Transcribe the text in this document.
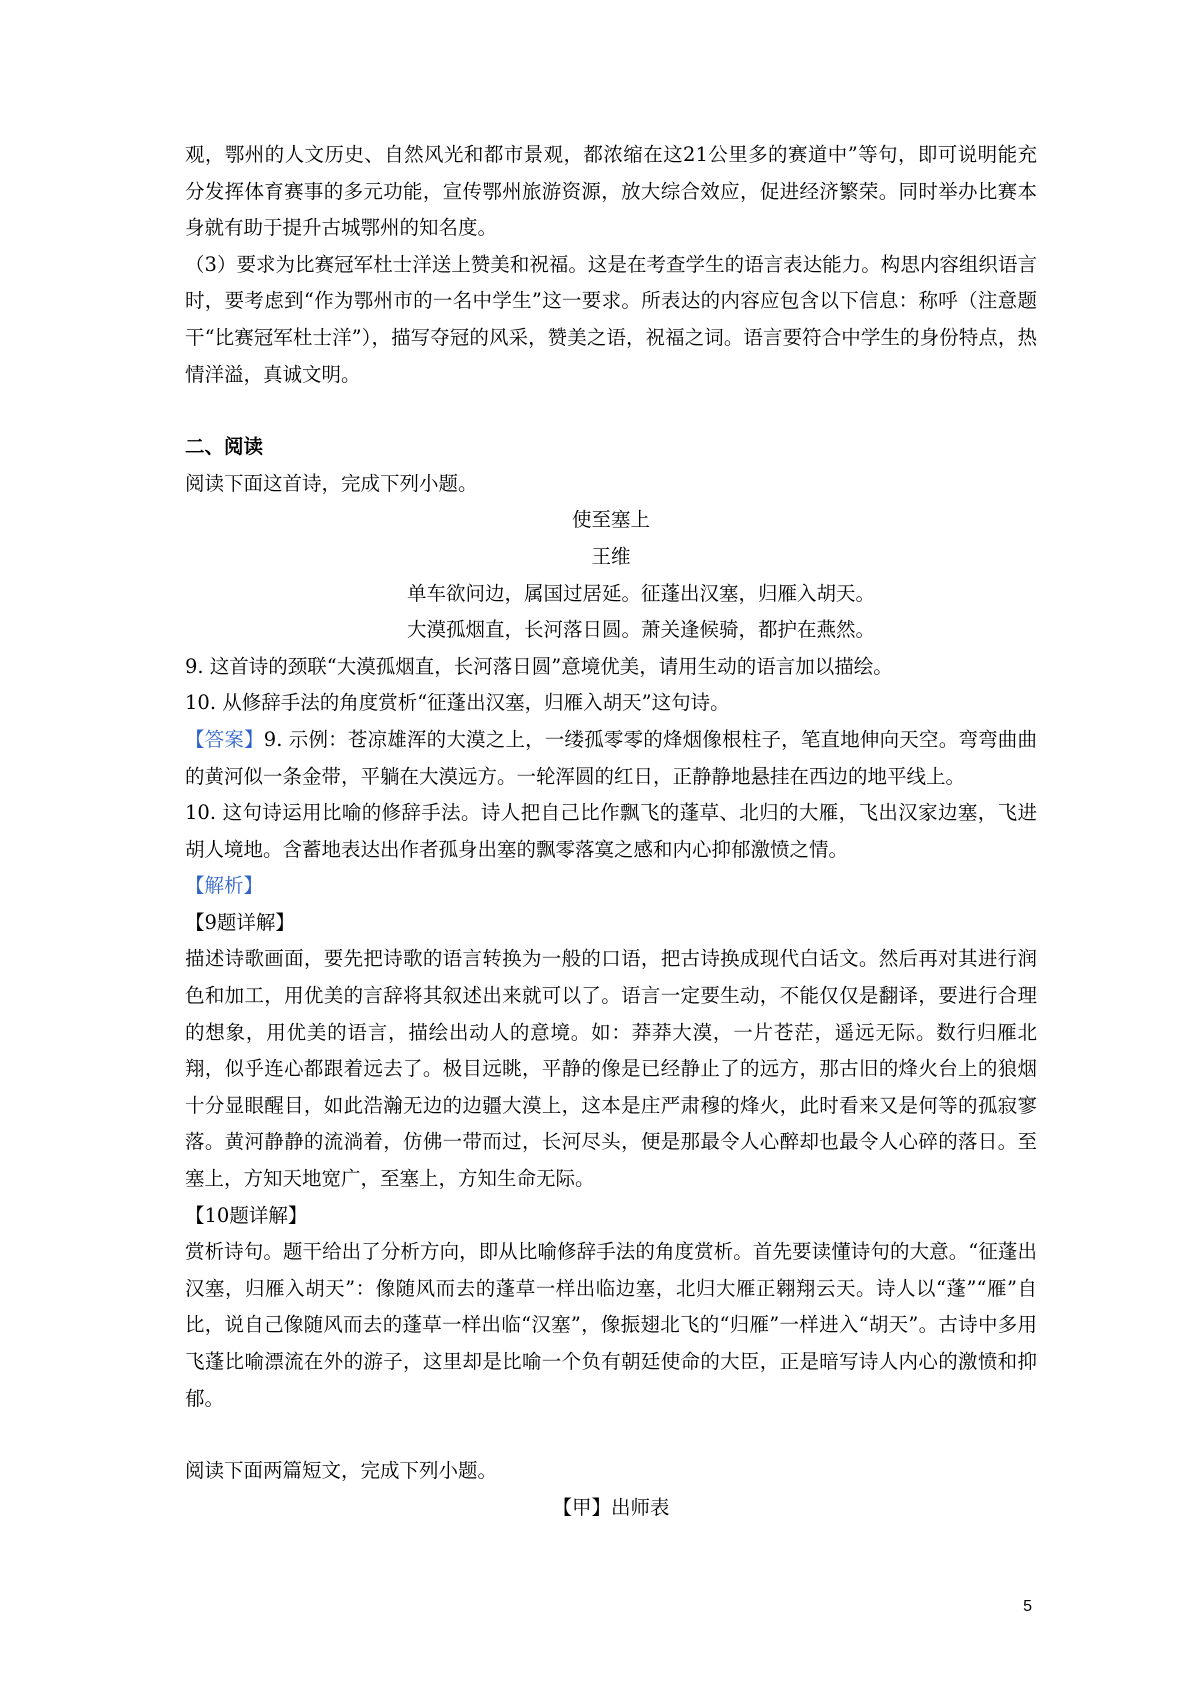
观，鄂州的人文历史、自然风光和都市景观，都浓缩在这21公里多的赛道中”等句，即可说明能充分发挥体育赛事的多元功能，宣传鄂州旅游资源，放大综合效应，促进经济繁荣。同时举办比赛本身就有助于提升古城鄂州的知名度。

（3）要求为比赛冠军杜士洋送上赞美和祝福。这是在考查学生的语言表达能力。构思内容组织语言时，要考虑到“作为鄂州市的一名中学生”这一要求。所表达的内容应包含以下信息：称呼（注意题干“比赛冠军杜士洋”），描写夺冠的风采，赞美之语，祝福之词。语言要符合中学生的身份特点，热情洋溢，真诚文明。

二、阅读

阅读下面这首诗，完成下列小题。

使至塞上

王维

单车欲问边，属国过居延。征蓬出汉塞，归雁入胡天。

大漠孤烟直，长河落日圆。萧关逢候骑，都护在燕然。

9. 这首诗的颈联“大漠孤烟直，长河落日圆”意境优美，请用生动的语言加以描绘。

10. 从修辞手法的角度赏析“征蓬出汉塞，归雁入胡天”这句诗。

【答案】9. 示例：苍凉雄浑的大漠之上，一缕孤零零的烽烟像根柱子，笔直地伸向天空。弯弯曲曲的黄河似一条金带，平躺在大漠远方。一轮浑圆的红日，正静静地悬挂在西边的地平线上。

10. 这句诗运用比喻的修辞手法。诗人把自己比作飘飞的蓬草、北归的大雁，飞出汉家边塞，飞进胡人境地。含蓄地表达出作者孤身出塞的飘零落寞之感和内心抑郁激愤之情。

【解析】

【9题详解】

描述诗歌画面，要先把诗歌的语言转换为一般的口语，把古诗换成现代白话文。然后再对其进行润色和加工，用优美的言辞将其叙述出来就可以了。语言一定要生动，不能仅仅是翻译，要进行合理的想象，用优美的语言，描绘出动人的意境。如：莽莽大漠，一片苍茫，遥远无际。数行归雁北翔，似乎连心都跟着远去了。极目远眺，平静的像是已经静止了的远方，那古旧的烽火台上的狼烟十分显眼醒目，如此浩瀚无边的边疆大漠上，这本是庄严肃穆的烽火，此时看来又是何等的孤寂寥落。黄河静静的流淌着，仿佛一带而过，长河尽头，便是那最令人心醉却也最令人心碎的落日。至塞上，方知天地宽广，至塞上，方知生命无际。

【10题详解】

赏析诗句。题干给出了分析方向，即从比喻修辞手法的角度赏析。首先要读懂诗句的大意。“征蓬出汉塞，归雁入胡天”：像随风而去的蓬草一样出临边塞，北归大雁正翱翔云天。诗人以“蓬”“雁”自比，说自己像随风而去的蓬草一样出临“汉塞”，像振翅北飞的“归雁”一样进入“胡天”。古诗中多用飞蓬比喻漂流在外的游子，这里却是比喻一个负有朝廷使命的大臣，正是暗写诗人内心的激愤和抑郁。

阅读下面两篇短文，完成下列小题。

【甲】出师表

5
